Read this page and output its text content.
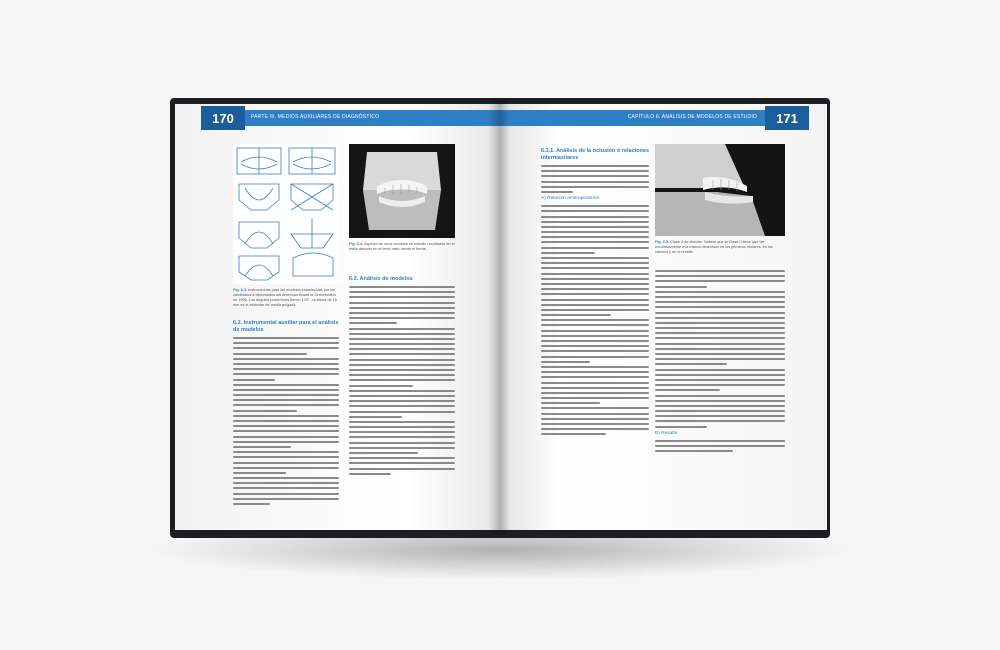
170	PARTE III. MEDIOS AUXILIARES DE DIAGNÓSTICO
Fig. 6.3. Instrucciones para los modelos establecidas por los candidatos a diplomados del American Board of Orthodontics en 1990. Los ángulos posteriores tienen 120°. La altura de 15 mm es el estándar de media pulgada.
Fig. 6.4. Aspecto de unos modelos de estudio recortados en el estilo descrito en el texto visto desde el frente.
6.2. Instrumental auxiliar para el análisis de modelos
6.3. Análisis de modelos
171
CAPÍTULO 6. ANÁLISIS DE MODELOS DE ESTUDIO
6.3.1. Análisis de la oclusión o relaciones intermaxilares
A) Relación anteroposterior
Fig. 6.5. Clase II de división. Nótese que la Clase II tiene que ver exclusivamente a la misma dimensión en los primeros molares, en los caninos y en el resalte.
B) Resalte
